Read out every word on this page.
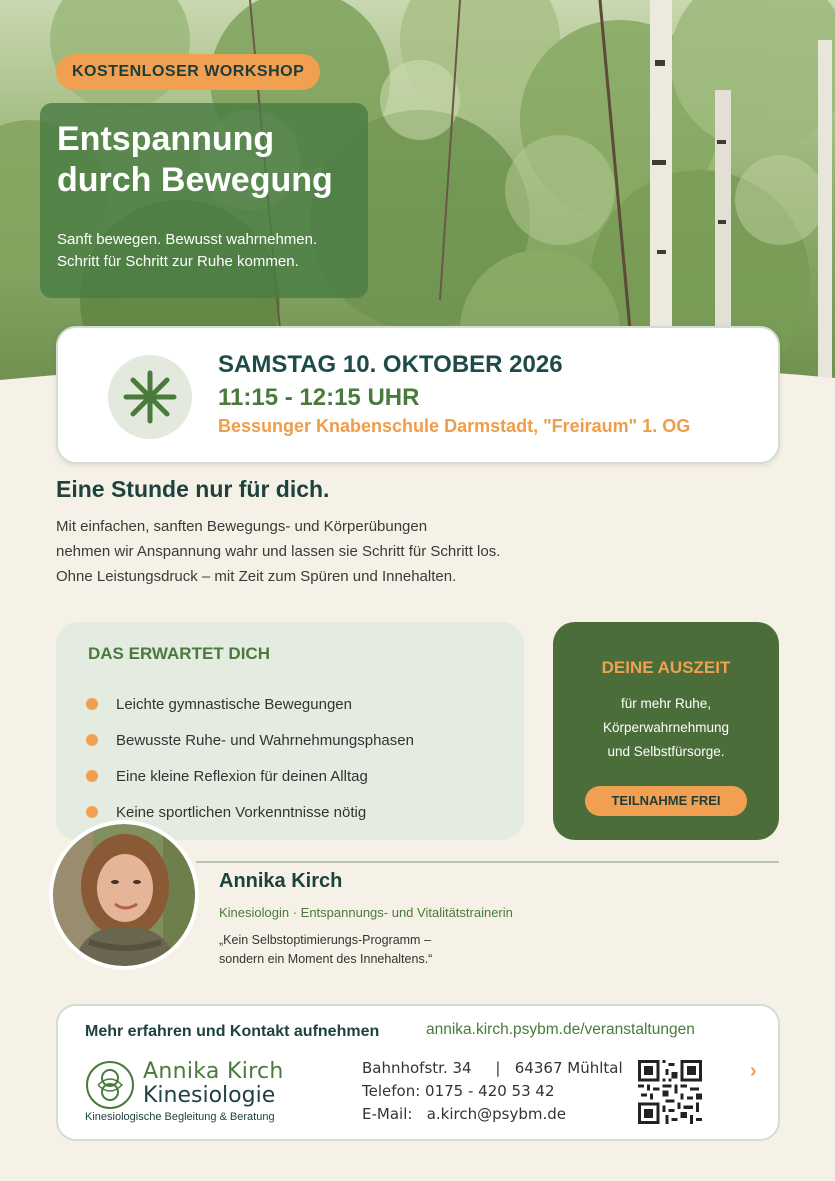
KOSTENLOSER WORKSHOP
Entspannung
durch Bewegung
Sanft bewegen. Bewusst wahrnehmen.
Schritt für Schritt zur Ruhe kommen.
SAMSTAG 10. OKTOBER 2026
11:15 - 12:15 UHR
Bessunger Knabenschule Darmstadt, "Freiraum" 1. OG
Eine Stunde nur für dich.
Mit einfachen, sanften Bewegungs- und Körperübungen
nehmen wir Anspannung wahr und lassen sie Schritt für Schritt los.
Ohne Leistungsdruck – mit Zeit zum Spüren und Innehalten.
DAS ERWARTET DICH
Leichte gymnastische Bewegungen
Bewusste Ruhe- und Wahrnehmungsphasen
Eine kleine Reflexion für deinen Alltag
Keine sportlichen Vorkenntnisse nötig
DEINE AUSZEIT
für mehr Ruhe,
Körperwahrnehmung
und Selbstfürsorge.
TEILNAHME FREI
Annika Kirch
Kinesiologin · Entspannungs- und Vitalitätstrainerin
„Kein Selbstoptimierungs-Programm –
sondern ein Moment des Innehaltens.“
Mehr erfahren und Kontakt aufnehmen	annika.kirch.psybm.de/veranstaltungen
Annika Kirch
Kinesiologie
Kinesiologische Begleitung & Beratung
Bahnhofstr. 34     |   64367 Mühltal
Telefon: 0175 - 420 53 42
E-Mail:   a.kirch@psybm.de
›
